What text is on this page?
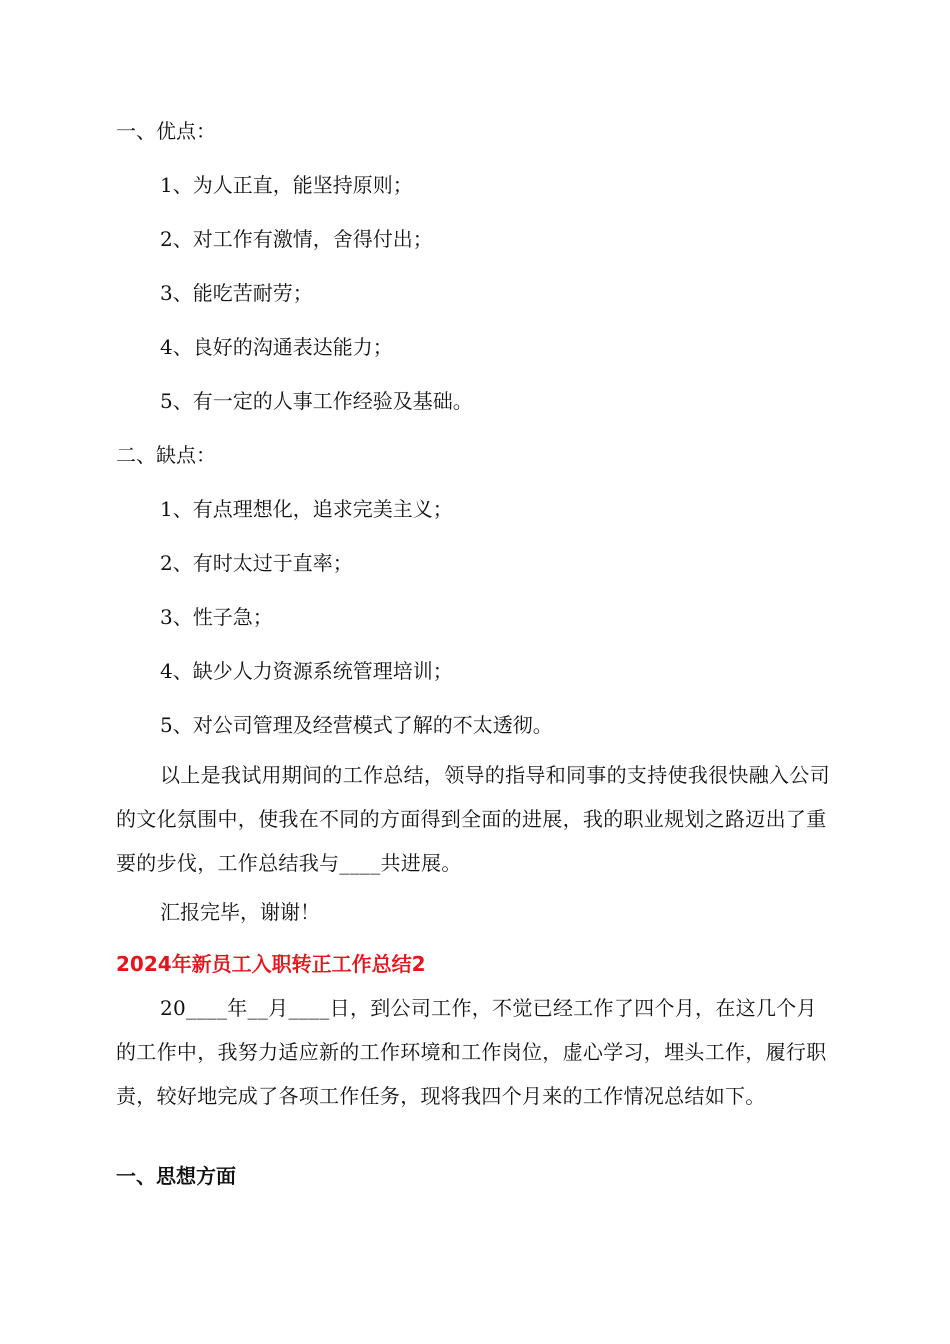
一、优点：
1、为人正直，能坚持原则；
2、对工作有激情，舍得付出；
3、能吃苦耐劳；
4、良好的沟通表达能力；
5、有一定的人事工作经验及基础。
二、缺点：
1、有点理想化，追求完美主义；
2、有时太过于直率；
3、性子急；
4、缺少人力资源系统管理培训；
5、对公司管理及经营模式了解的不太透彻。
以上是我试用期间的工作总结，领导的指导和同事的支持使我很快融入公司的文化氛围中，使我在不同的方面得到全面的进展，我的职业规划之路迈出了重要的步伐，工作总结我与____共进展。
汇报完毕，谢谢！
2024年新员工入职转正工作总结2
20____年__月____日，到公司工作，不觉已经工作了四个月，在这几个月的工作中，我努力适应新的工作环境和工作岗位，虚心学习，埋头工作，履行职责，较好地完成了各项工作任务，现将我四个月来的工作情况总结如下。
一、思想方面
